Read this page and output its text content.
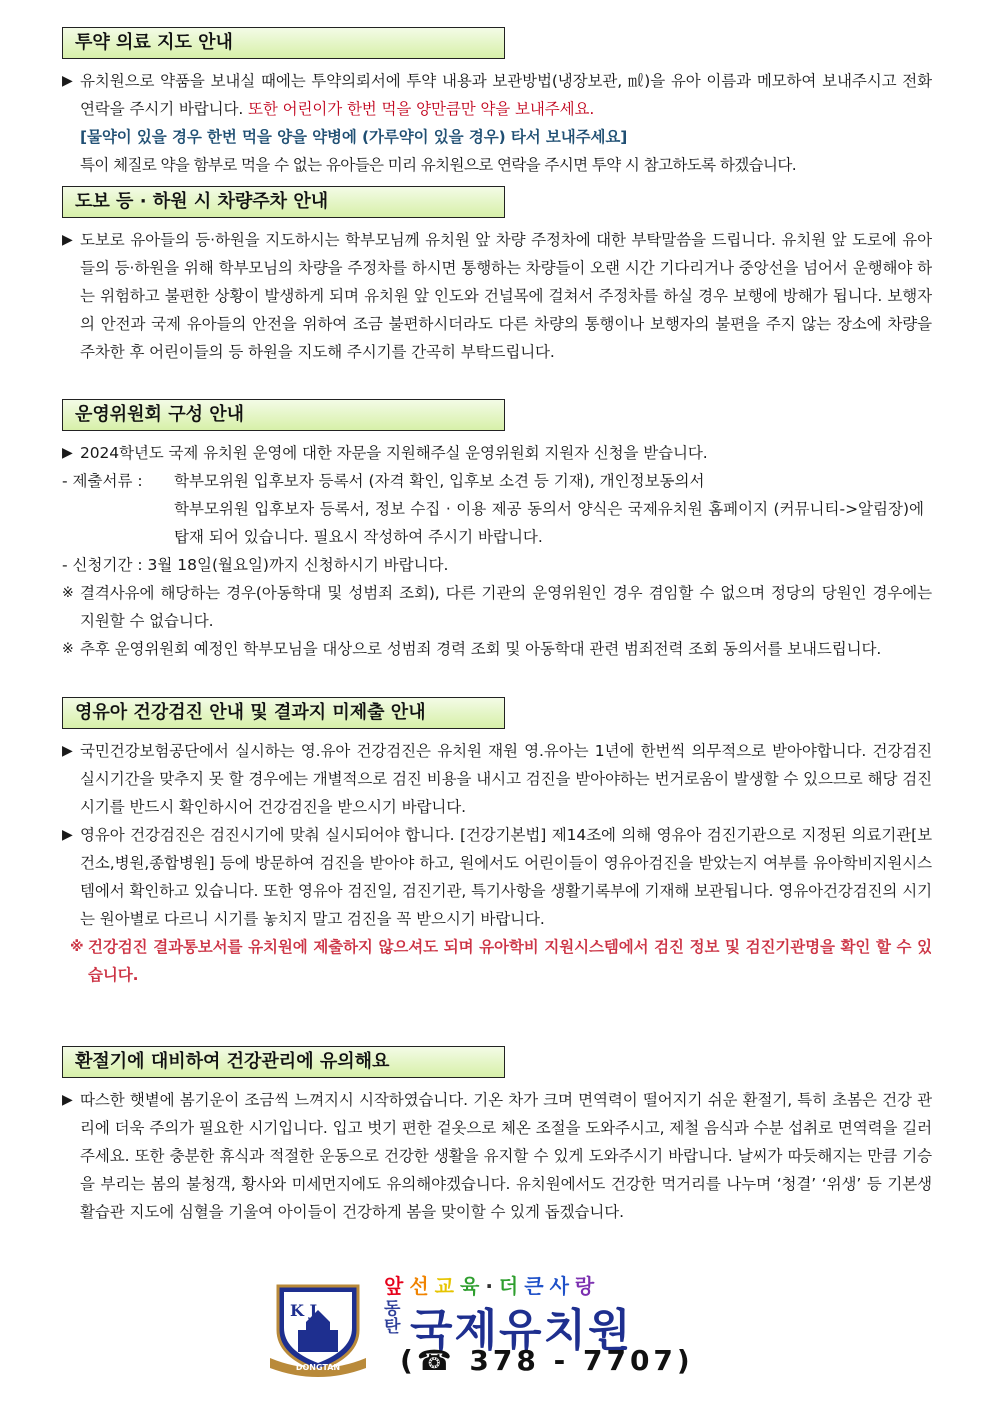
투약 의료 지도 안내
▶ 유치원으로 약품을 보내실 때에는 투약의뢰서에 투약 내용과 보관방법(냉장보관, ㎖)을 유아 이름과 메모하여 보내주시고 전화 연락을 주시기 바랍니다. 또한 어린이가 한번 먹을 양만큼만 약을 보내주세요.
[물약이 있을 경우 한번 먹을 양을 약병에 (가루약이 있을 경우) 타서 보내주세요]
특이 체질로 약을 함부로 먹을 수 없는 유아들은 미리 유치원으로 연락을 주시면 투약 시 참고하도록 하겠습니다.
도보 등 · 하원 시 차량주차 안내
▶ 도보로 유아들의 등·하원을 지도하시는 학부모님께 유치원 앞 차량 주정차에 대한 부탁말씀을 드립니다. 유치원 앞 도로에 유아들의 등·하원을 위해 학부모님의 차량을 주정차를 하시면 통행하는 차량들이 오랜 시간 기다리거나 중앙선을 넘어서 운행해야 하는 위험하고 불편한 상황이 발생하게 되며 유치원 앞 인도와 건널목에 걸쳐서 주정차를 하실 경우 보행에 방해가 됩니다. 보행자의 안전과 국제 유아들의 안전을 위하여 조금 불편하시더라도 다른 차량의 통행이나 보행자의 불편을 주지 않는 장소에 차량을 주차한 후 어린이들의 등 하원을 지도해 주시기를 간곡히 부탁드립니다.
운영위원회 구성 안내
▶ 2024학년도 국제 유치원 운영에 대한 자문을 지원해주실 운영위원회 지원자 신청을 받습니다.
- 제출서류 : 학부모위원 입후보자 등록서 (자격 확인, 입후보 소견 등 기재), 개인정보동의서
학부모위원 입후보자 등록서, 정보 수집 · 이용 제공 동의서 양식은 국제유치원 홈페이지 (커뮤니티->알림장)에 탑재 되어 있습니다. 필요시 작성하여 주시기 바랍니다.
- 신청기간 : 3월 18일(월요일)까지 신청하시기 바랍니다.
※ 결격사유에 해당하는 경우(아동학대 및 성범죄 조회), 다른 기관의 운영위원인 경우 겸임할 수 없으며 정당의 당원인 경우에는 지원할 수 없습니다.
※ 추후 운영위원회 예정인 학부모님을 대상으로 성범죄 경력 조회 및 아동학대 관련 범죄전력 조회 동의서를 보내드립니다.
영유아 건강검진 안내 및 결과지 미제출 안내
▶ 국민건강보험공단에서 실시하는 영.유아 건강검진은 유치원 재원 영.유아는 1년에 한번씩 의무적으로 받아야합니다. 건강검진 실시기간을 맞추지 못 할 경우에는 개별적으로 검진 비용을 내시고 검진을 받아야하는 번거로움이 발생할 수 있으므로 해당 검진 시기를 반드시 확인하시어 건강검진을 받으시기 바랍니다.
▶ 영유아 건강검진은 검진시기에 맞춰 실시되어야 합니다. [건강기본법] 제14조에 의해 영유아 검진기관으로 지정된 의료기관[보건소,병원,종합병원] 등에 방문하여 검진을 받아야 하고, 원에서도 어린이들이 영유아검진을 받았는지 여부를 유아학비지원시스템에서 확인하고 있습니다. 또한 영유아 검진일, 검진기관, 특기사항을 생활기록부에 기재해 보관됩니다. 영유아건강검진의 시기는 원아별로 다르니 시기를 놓치지 말고 검진을 꼭 받으시기 바랍니다.
※ 건강검진 결과통보서를 유치원에 제출하지 않으셔도 되며 유아학비 지원시스템에서 검진 정보 및 검진기관명을 확인 할 수 있습니다.
환절기에 대비하여 건강관리에 유의해요
▶ 따스한 햇볕에 봄기운이 조금씩 느껴지시 시작하였습니다. 기온 차가 크며 면역력이 떨어지기 쉬운 환절기, 특히 초봄은 건강 관리에 더욱 주의가 필요한 시기입니다. 입고 벗기 편한 겉옷으로 체온 조절을 도와주시고, 제철 음식과 수분 섭취로 면역력을 길러주세요. 또한 충분한 휴식과 적절한 운동으로 건강한 생활을 유지할 수 있게 도와주시기 바랍니다. 날씨가 따듯해지는 만큼 기승을 부리는 봄의 불청객, 황사와 미세먼지에도 유의해야겠습니다. 유치원에서도 건강한 먹거리를 나누며 ‘청결’ ‘위생’ 등 기본생활습관 지도에 심혈을 기울여 아이들이 건강하게 봄을 맞이할 수 있게 돕겠습니다.
K J
DONGTAN
앞선교육·더큰사랑
동탄 국제유치원
(☎ 378 - 7707)
